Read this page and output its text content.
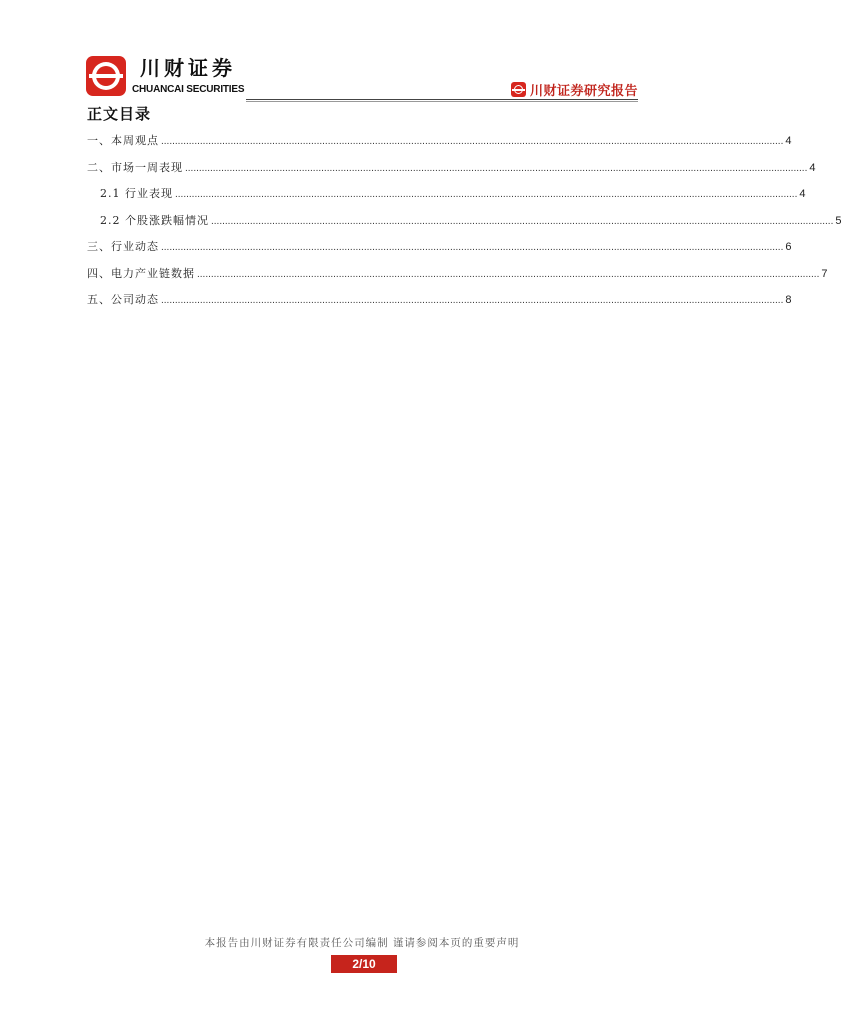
川财证券
CHUANCAI SECURITIES	川财证券研究报告
正文目录
一、本周观点 ................................................................................................................................................................................................................................ 4
二、市场一周表现 ................................................................................................................................................................................................................................ 4
2.1 行业表现 ................................................................................................................................................................................................................................ 4
2.2 个股涨跌幅情况 ................................................................................................................................................................................................................................ 5
三、行业动态 ................................................................................................................................................................................................................................ 6
四、电力产业链数据 ................................................................................................................................................................................................................................ 7
五、公司动态 ................................................................................................................................................................................................................................ 8
本报告由川财证券有限责任公司编制 谨请参阅本页的重要声明
2/10
